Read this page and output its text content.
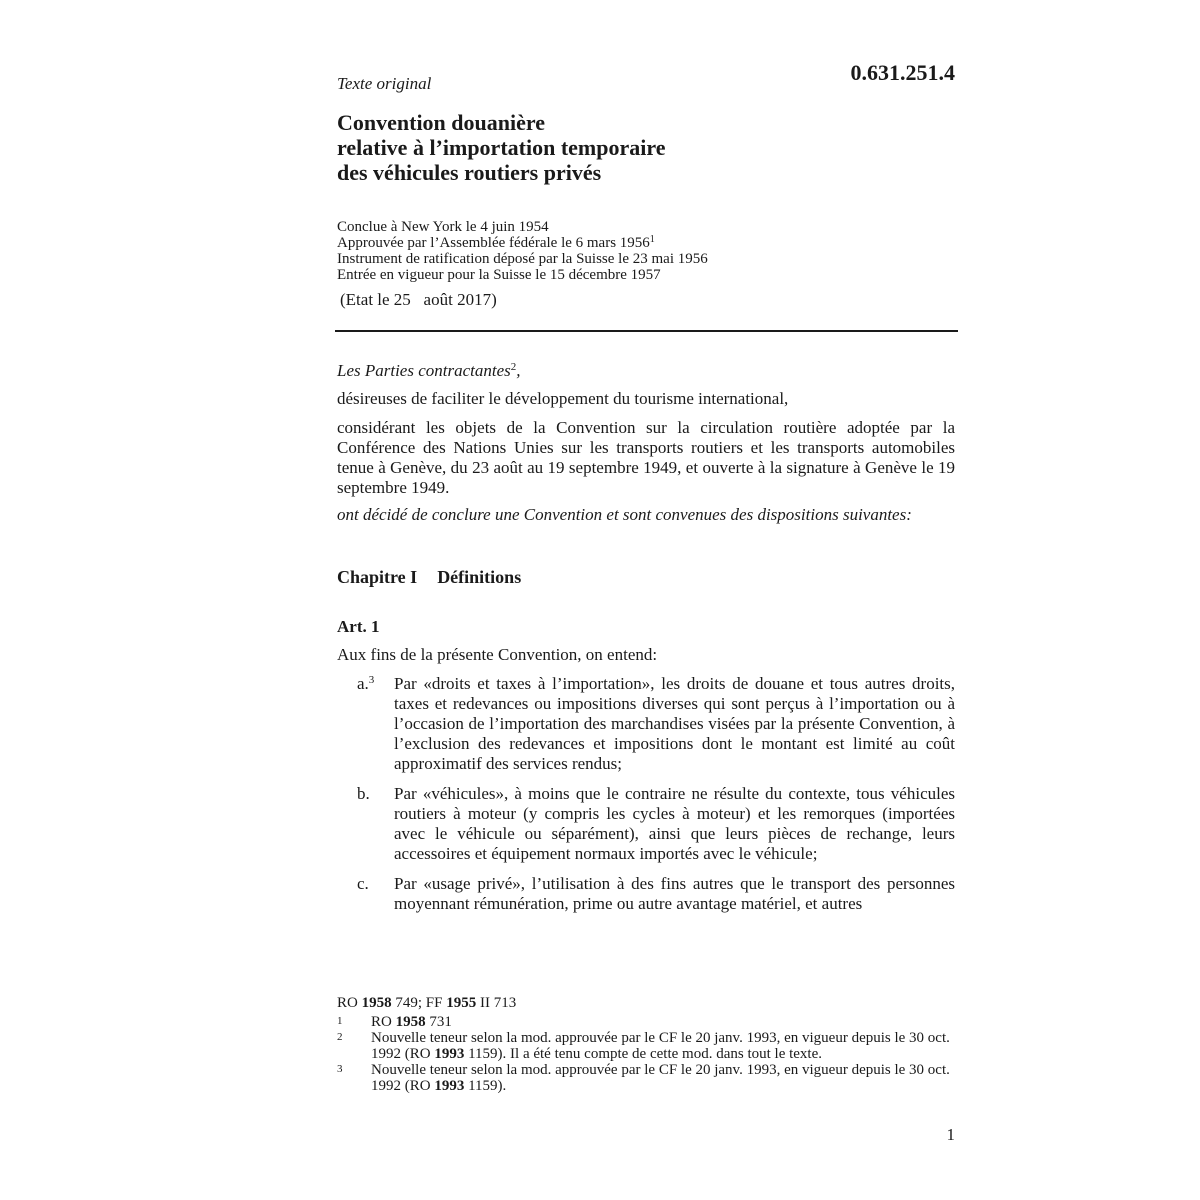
Texte original	0.631.251.4
Convention douanière
relative à l’importation temporaire
des véhicules routiers privés
Conclue à New York le 4 juin 1954
Approuvée par l’Assemblée fédérale le 6 mars 1956$^1$
Instrument de ratification déposé par la Suisse le 23 mai 1956
Entrée en vigueur pour la Suisse le 15 décembre 1957
(Etat le 25   août 2017)
Les Parties contractantes$^2$,
désireuses de faciliter le développement du tourisme international,
considérant les objets de la Convention sur la circulation routière adoptée par la Conférence des Nations Unies sur les transports routiers et les transports automobiles tenue à Genève, du 23 août au 19 septembre 1949, et ouverte à la signature à Genève le 19 septembre 1949.
ont décidé de conclure une Convention et sont convenues des dispositions suivantes:
Chapitre I Définitions
Art. 1
Aux fins de la présente Convention, on entend:
a.$^3$	Par «droits et taxes à l’importation», les droits de douane et tous autres droits, taxes et redevances ou impositions diverses qui sont perçus à l’importation ou à l’occasion de l’importation des marchandises visées par la présente Convention, à l’exclusion des redevances et impositions dont le montant est limité au coût approximatif des services rendus;
b.	Par «véhicules», à moins que le contraire ne résulte du contexte, tous véhicules routiers à moteur (y compris les cycles à moteur) et les remorques (importées avec le véhicule ou séparément), ainsi que leurs pièces de rechange, leurs accessoires et équipement normaux importés avec le véhicule;
c.	Par «usage privé», l’utilisation à des fins autres que le transport des personnes moyennant rémunération, prime ou autre avantage matériel, et autres
RO 1958 749; FF 1955 II 713
1	RO 1958 731
2	Nouvelle teneur selon la mod. approuvée par le CF le 20 janv. 1993, en vigueur depuis le 30 oct. 1992 (RO 1993 1159). Il a été tenu compte de cette mod. dans tout le texte.
3	Nouvelle teneur selon la mod. approuvée par le CF le 20 janv. 1993, en vigueur depuis le 30 oct. 1992 (RO 1993 1159).
1
